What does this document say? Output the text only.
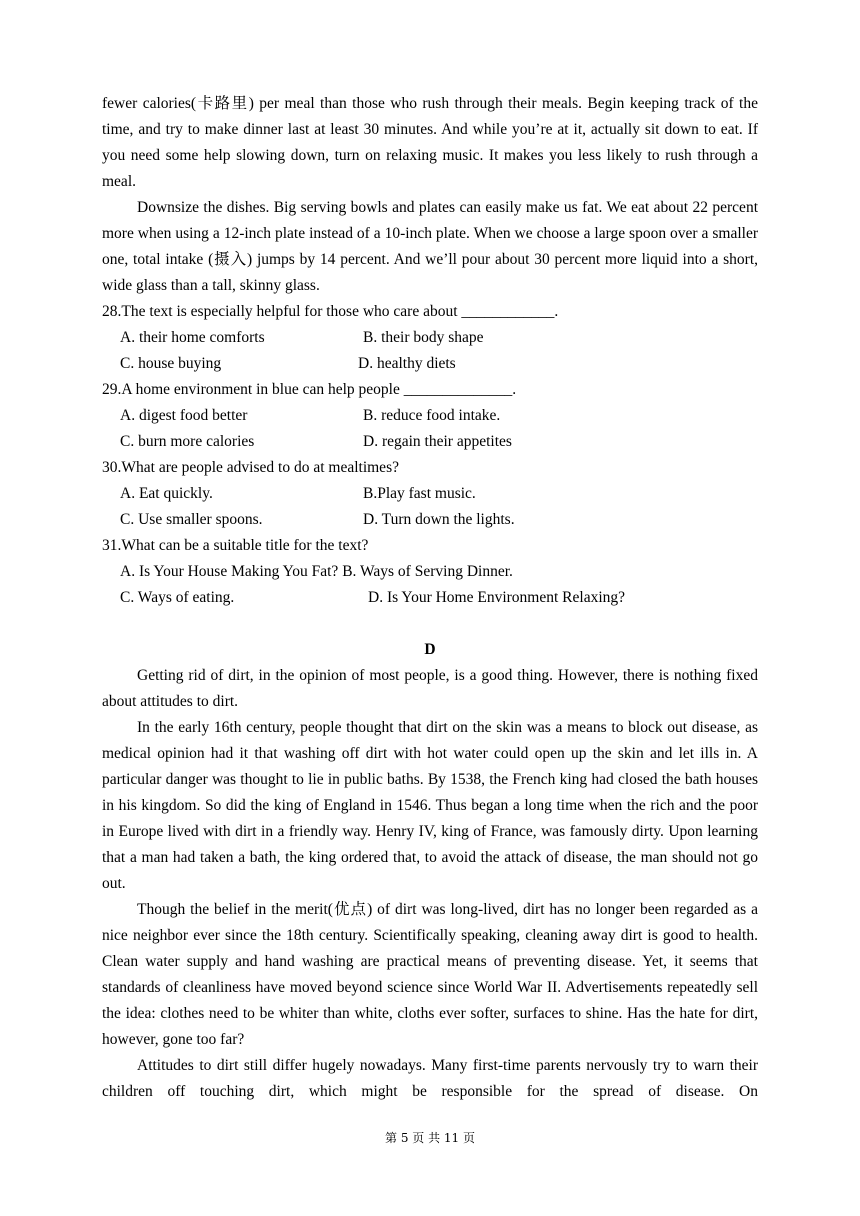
fewer calories(卡路里) per meal than those who rush through their meals. Begin keeping track of the time, and try to make dinner last at least 30 minutes. And while you’re at it, actually sit down to eat. If you need some help slowing down, turn on relaxing music. It makes you less likely to rush through a meal.

Downsize the dishes. Big serving bowls and plates can easily make us fat. We eat about 22 percent more when using a 12-inch plate instead of a 10-inch plate. When we choose a large spoon over a smaller one, total intake (摄入) jumps by 14 percent. And we’ll pour about 30 percent more liquid into a short, wide glass than a tall, skinny glass.

28.The text is especially helpful for those who care about ____________.

A. their home comforts	B. their body shape
C. house buying	D. healthy diets

29.A home environment in blue can help people ______________.

A. digest food better	B. reduce food intake.
C. burn more calories	D. regain their appetites

30.What are people advised to do at mealtimes?

A. Eat quickly.	B.Play fast music.
C. Use smaller spoons.	D. Turn down the lights.

31.What can be a suitable title for the text?

A. Is Your House Making You Fat?
B. Ways of Serving Dinner.
C. Ways of eating.	D. Is Your Home Environment Relaxing?

D

Getting rid of dirt, in the opinion of most people, is a good thing. However, there is nothing fixed about attitudes to dirt.

In the early 16th century, people thought that dirt on the skin was a means to block out disease, as medical opinion had it that washing off dirt with hot water could open up the skin and let ills in. A particular danger was thought to lie in public baths. By 1538, the French king had closed the bath houses in his kingdom. So did the king of England in 1546. Thus began a long time when the rich and the poor in Europe lived with dirt in a friendly way. Henry IV, king of France, was famously dirty. Upon learning that a man had taken a bath, the king ordered that, to avoid the attack of disease, the man should not go out.

Though the belief in the merit(优点) of dirt was long-lived, dirt has no longer been regarded as a nice neighbor ever since the 18th century. Scientifically speaking, cleaning away dirt is good to health. Clean water supply and hand washing are practical means of preventing disease. Yet, it seems that standards of cleanliness have moved beyond science since World War II. Advertisements repeatedly sell the idea: clothes need to be whiter than white, cloths ever softer, surfaces to shine. Has the hate for dirt, however, gone too far?

Attitudes to dirt still differ hugely nowadays. Many first-time parents nervously try to warn their children off touching dirt, which might be responsible for the spread of disease. On

第 5 页 共 11 页
